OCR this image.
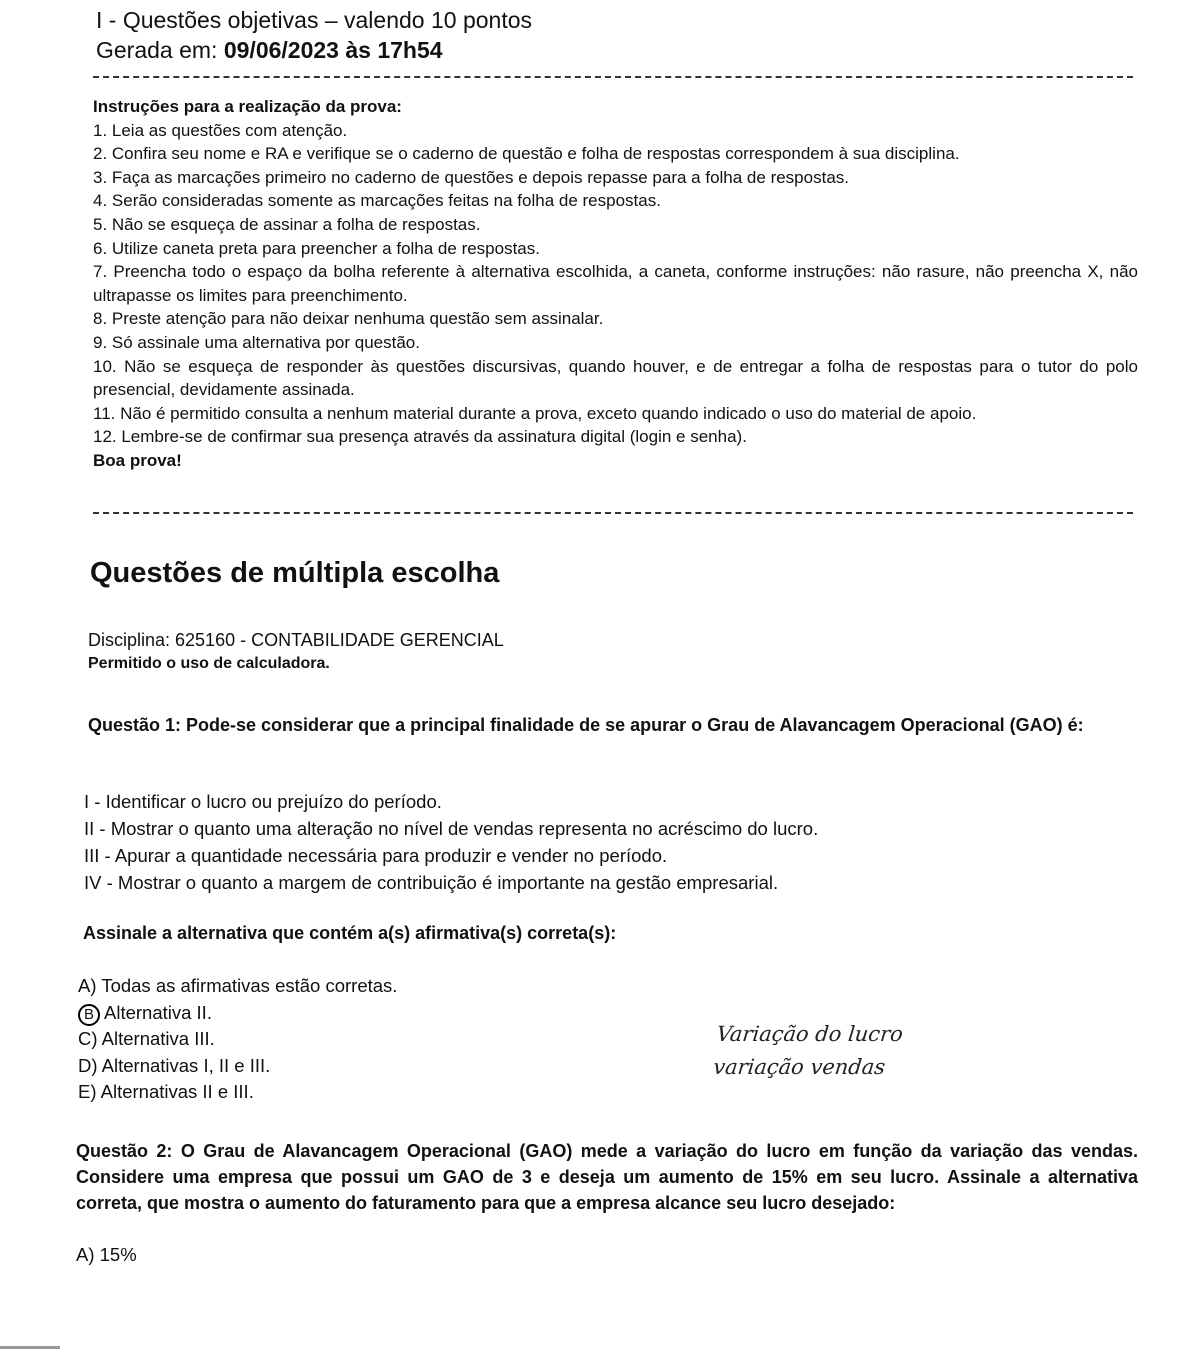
I - Questões objetivas – valendo 10 pontos
Gerada em: 09/06/2023 às 17h54

Instruções para a realização da prova:

1. Leia as questões com atenção.

2. Confira seu nome e RA e verifique se o caderno de questão e folha de respostas correspondem à sua disciplina.

3. Faça as marcações primeiro no caderno de questões e depois repasse para a folha de respostas.

4. Serão consideradas somente as marcações feitas na folha de respostas.

5. Não se esqueça de assinar a folha de respostas.

6. Utilize caneta preta para preencher a folha de respostas.

7. Preencha todo o espaço da bolha referente à alternativa escolhida, a caneta, conforme instruções: não rasure, não preencha X, não ultrapasse os limites para preenchimento.

8. Preste atenção para não deixar nenhuma questão sem assinalar.

9. Só assinale uma alternativa por questão.

10. Não se esqueça de responder às questões discursivas, quando houver, e de entregar a folha de respostas para o tutor do polo presencial, devidamente assinada.

11. Não é permitido consulta a nenhum material durante a prova, exceto quando indicado o uso do material de apoio.

12. Lembre-se de confirmar sua presença através da assinatura digital (login e senha).

Boa prova!

Questões de múltipla escolha
Disciplina: 625160 - CONTABILIDADE GERENCIAL
Permitido o uso de calculadora.
Questão 1: Pode-se considerar que a principal finalidade de se apurar o Grau de Alavancagem Operacional (GAO) é:
I - Identificar o lucro ou prejuízo do período.
II - Mostrar o quanto uma alteração no nível de vendas representa no acréscimo do lucro.
III - Apurar a quantidade necessária para produzir e vender no período.
IV - Mostrar o quanto a margem de contribuição é importante na gestão empresarial.
Assinale a alternativa que contém a(s) afirmativa(s) correta(s):
A) Todas as afirmativas estão corretas.
B Alternativa II.
C) Alternativa III.
D) Alternativas I, II e III.
E) Alternativas II e III.
Variação do lucro
variação vendas
Questão 2: O Grau de Alavancagem Operacional (GAO) mede a variação do lucro em função da variação das vendas. Considere uma empresa que possui um GAO de 3 e deseja um aumento de 15% em seu lucro. Assinale a alternativa correta, que mostra o aumento do faturamento para que a empresa alcance seu lucro desejado:
A) 15%
